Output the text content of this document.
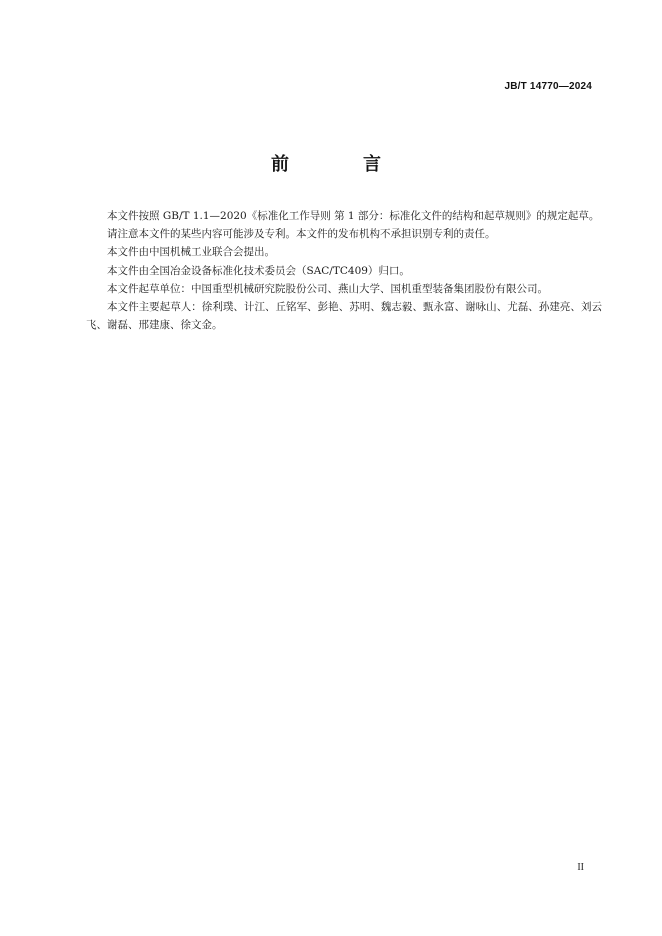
JB/T 14770—2024
前　言

本文件按照 GB/T 1.1—2020《标准化工作导则 第 1 部分：标准化文件的结构和起草规则》的规定起草。

请注意本文件的某些内容可能涉及专利。本文件的发布机构不承担识别专利的责任。

本文件由中国机械工业联合会提出。

本文件由全国冶金设备标准化技术委员会（SAC/TC409）归口。

本文件起草单位：中国重型机械研究院股份公司、燕山大学、国机重型装备集团股份有限公司。

本文件主要起草人：徐利璞、计江、丘铭军、彭艳、苏明、魏志毅、甄永富、谢咏山、尤磊、孙建亮、刘云飞、谢磊、邢建康、徐文金。

II
